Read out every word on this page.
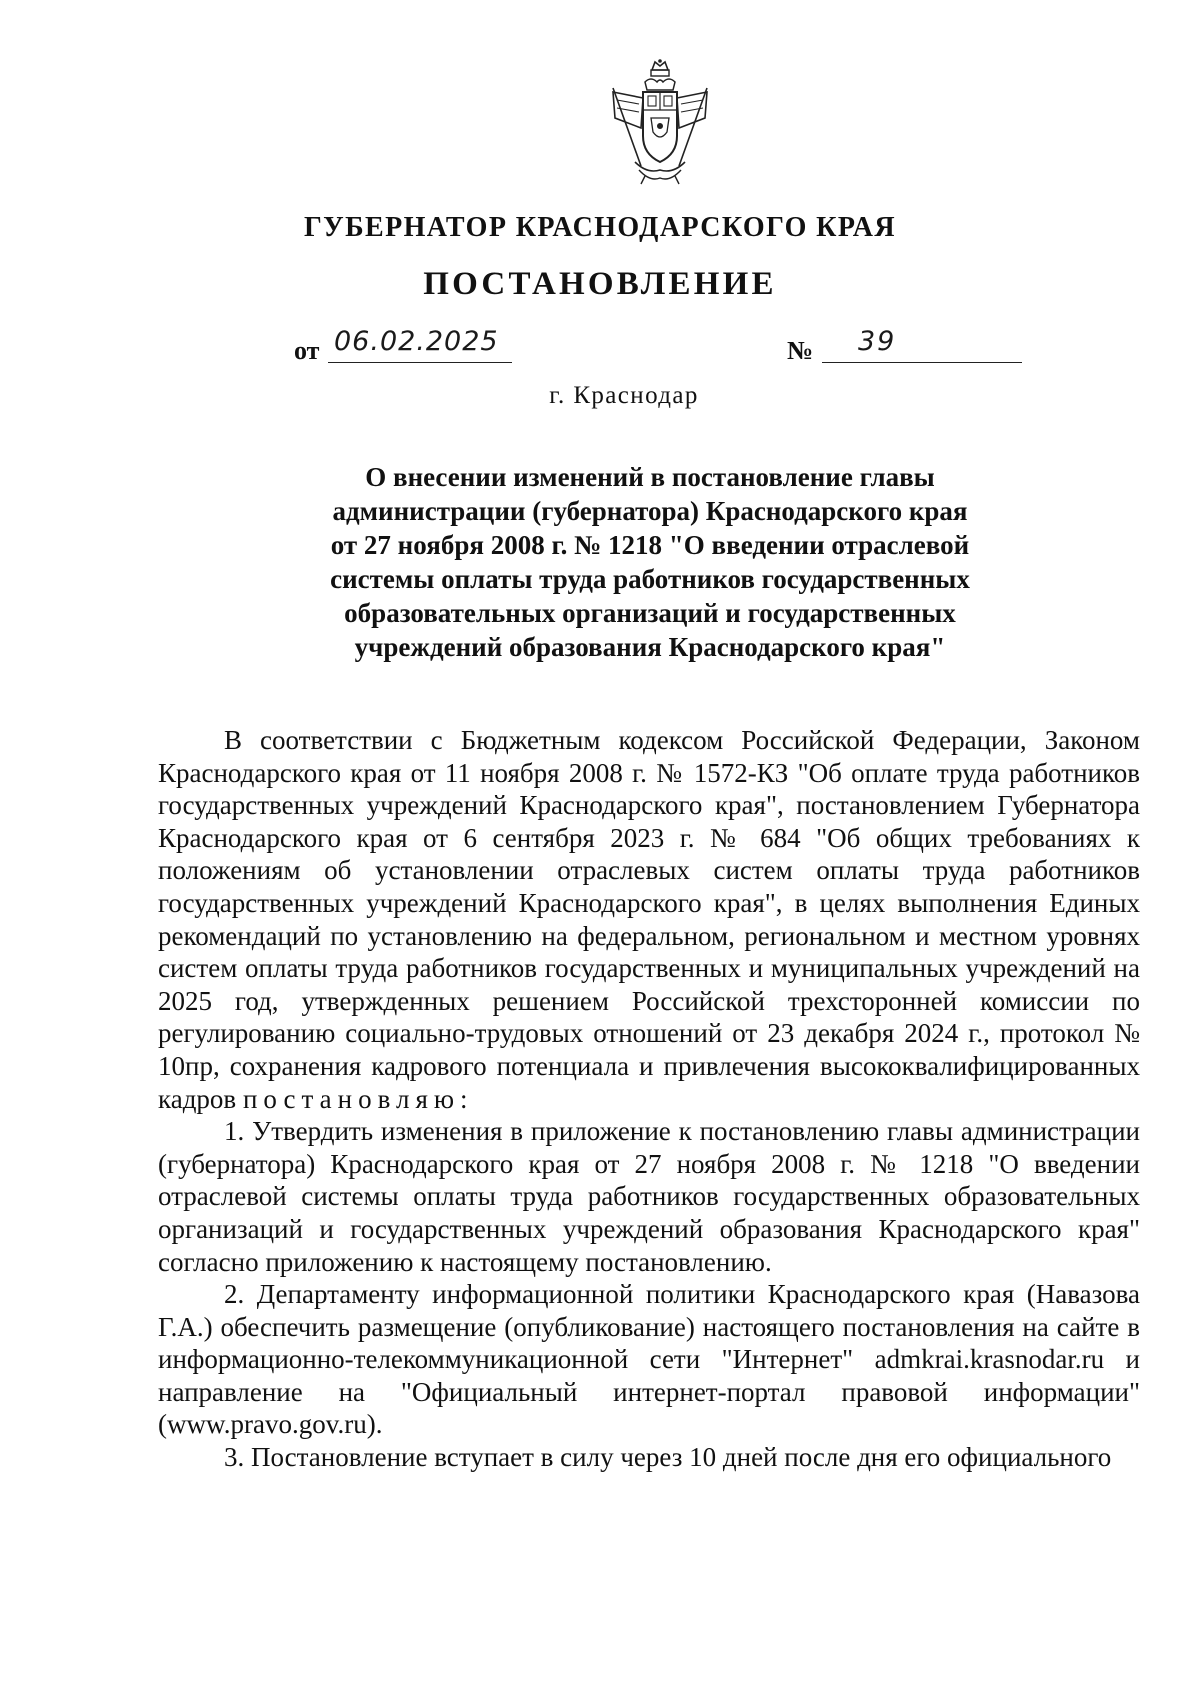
ГУБЕРНАТОР КРАСНОДАРСКОГО КРАЯ
ПОСТАНОВЛЕНИЕ
от 06.02.2025	№ 39
г. Краснодар
О внесении изменений в постановление главы
администрации (губернатора) Краснодарского края
от 27 ноября 2008 г. № 1218 "О введении отраслевой
системы оплаты труда работников государственных
образовательных организаций и государственных
учреждений образования Краснодарского края"

В соответствии с Бюджетным кодексом Российской Федерации, Законом Краснодарского края от 11 ноября 2008 г. № 1572-КЗ "Об оплате труда работников государственных учреждений Краснодарского края", постановлением Губернатора Краснодарского края от 6 сентября 2023 г. № 684 "Об общих требованиях к положениям об установлении отраслевых систем оплаты труда работников государственных учреждений Краснодарского края", в целях выполнения Единых рекомендаций по установлению на федеральном, региональном и местном уровнях систем оплаты труда работников государственных и муниципальных учреждений на 2025 год, утвержденных решением Российской трехсторонней комиссии по регулированию социально-трудовых отношений от 23 декабря 2024 г., протокол № 10пр, сохранения кадрового потенциала и привлечения высококвалифицированных кадров постановляю:

1. Утвердить изменения в приложение к постановлению главы администрации (губернатора) Краснодарского края от 27 ноября 2008 г. № 1218 "О введении отраслевой системы оплаты труда работников государственных образовательных организаций и государственных учреждений образования Краснодарского края" согласно приложению к настоящему постановлению.

2. Департаменту информационной политики Краснодарского края (Навазова Г.А.) обеспечить размещение (опубликование) настоящего постановления на сайте в информационно-телекоммуникационной сети "Интернет" admkrai.krasnodar.ru и направление на "Официальный интернет-портал правовой информации" (www.pravo.gov.ru).

3. Постановление вступает в силу через 10 дней после дня его официального
